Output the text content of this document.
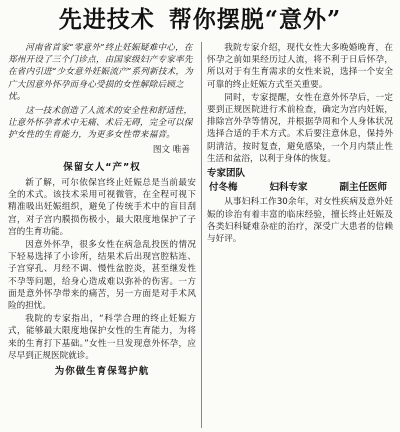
先进技术 帮你摆脱“意外”

河南省首家“零意外”终止妊娠疑难中心，在郑州开设了三个门诊点，由国家级妇产专家率先在省内引进“少女意外妊娠流产”系列新技术，为广大因意外怀孕而身心受损的女性解除后顾之忧。

这一技术创造了人流术的安全性和舒适性，让意外怀孕者术中无痛、术后无碍，完全可以保护女性的生育能力，为更多女性带来福音。

图文 唯善
保留女人“产”权

新了解，可尔依保宫终止妊娠总是当前最安全的术式。该技术采用可视微管，在全程可视下精准吸出妊娠组织，避免了传统手术中的盲目刮宫，对子宫内膜损伤极小，最大限度地保护了子宫的生育功能。

因意外怀孕，很多女性在病急乱投医的情况下轻易选择了小诊所，结果术后出现宫腔粘连、子宫穿孔、月经不调、慢性盆腔炎，甚至继发性不孕等问题，给身心造成难以弥补的伤害。一方面是意外怀孕带来的痛苦，另一方面是对手术风险的担忧。

我院的专家指出，“科学合理的终止妊娠方式，能够最大限度地保护女性的生育能力，为将来的生育打下基础。”女性一旦发现意外怀孕，应尽早到正规医院就诊。

为你做生育保驾护航

我院专家介绍，现代女性大多晚婚晚育，在怀孕之前如果经历过人流，将不利于日后怀孕，所以对于有生育需求的女性来说，选择一个安全可靠的终止妊娠方式至关重要。

同时，专家提醒，女性在意外怀孕后，一定要到正规医院进行术前检查，确定为宫内妊娠，排除宫外孕等情况，并根据孕周和个人身体状况选择合适的手术方式。术后要注意休息，保持外阴清洁，按时复查，避免感染，一个月内禁止性生活和盆浴，以利于身体的恢复。

专家团队
付冬梅	妇科专家	副主任医师

从事妇科工作30余年，对女性疾病及意外妊娠的诊治有着丰富的临床经验，擅长终止妊娠及各类妇科疑难杂症的治疗，深受广大患者的信赖与好评。
